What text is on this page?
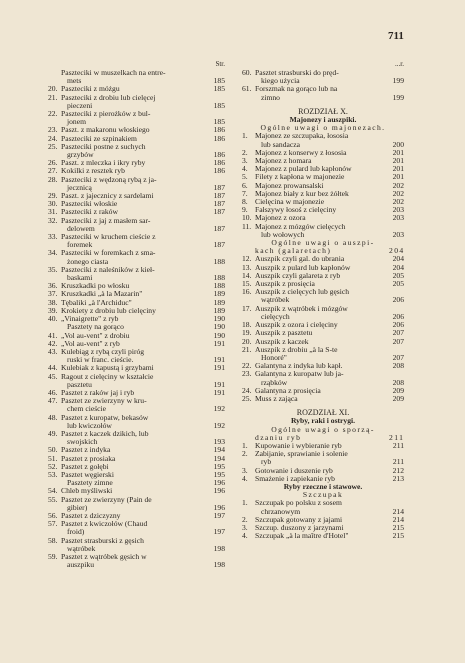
711
Str.
Paszteciki w muszelkach na entre-
mets	185
20. Paszteciki z móżgu	185
21. Paszteciki z drobiu lub cielęcej
pieczeni	185
22. Paszteciki z pierożków z bul-
jonem	185
23. Paszt. z makaronu włoskiego	186
24. Paszteciki ze szpinakiem	186
25. Paszteciki postne z suchych
grzybów	186
26. Paszt. z mleczka i ikry ryby	186
27. Kokilki z resztek ryb	186
28. Paszteciki z wędzoną rybą z ja-
jecznicą	187
29. Paszt. z jajecznicy z sardelami	187
30. Paszteciki włoskie	187
31. Paszteciki z raków	187
32. Paszteciki z jaj z masłem sar-
delowem	187
33. Paszteciki w kruchem cieście z
foremek	187
34. Paszteciki w foremkach z sma-
żonego ciasta	188
35. Paszteciki z naleśników z kieł-
baskami	188
36. Kruszkadki po włosku	188
37. Kruszkadki „à la Mazarin"	189
38. Tębaliki „à l'Archiduc"	189
39. Krokiety z drobiu lub cielęciny	189
40. „Vinaigrette" z ryb	190
Pasztety na gorąco	190
41. „Vol au-vent" z drobiu	190
42. „Vol au-vent" z ryb	191
43. Kulebiąg z rybą czyli piróg
ruski w franc. cieście.	191
44. Kulebiak z kapustą i grzybami	191
45. Ragout z cielęciny w kształcie
pasztetu	191
46. Pasztet z raków jaj i ryb	191
47. Pasztet ze zwierzyny w kru-
chem cieście	192
48. Pasztet z kuropatw, bekasów
lub kwiczołów	192
49. Pasztet z kaczek dzikich, lub
swojskich	193
50. Pasztet z indyka	194
51. Pasztet z prosiaka	194
52. Pasztet z gołębi	195
53. Pasztet węgierski	195
Pasztety zimne	196
54. Chleb myśliwski	196
55. Pasztet ze zwierzyny (Pain de
gibier)	196
56. Pasztet z dziczyzny	197
57. Pasztet z kwiczołów (Chaud
froid)	197
58. Pasztet strasburski z gęsich
wątróbek	198
59. Pasztet z wątróbek gęsich w
auszpiku	198
...r.
60. Pasztet strasburski do pręd-
kiego użycia	199
61. Forszmak na gorąco lub na
zimno	199
ROZDZIAŁ X.
Majonezy i auszpiki.
Ogólne uwagi o majonezach.
1. Majonez ze szczupaka, łososia
lub sandacza	200
2. Majonez z konserwy z łososia	201
3. Majonez z homara	201
4. Majonez z pulard lub kapłonów	201
5. Filety z kapłona w majonezie	201
6. Majonez prowansalski	202
7. Majonez biały z kur bez żółtek	202
8. Cielęcina w majonezie	202
9. Fałszywy łosoś z cielęciny	203
10. Majonez z ozora	203
11. Majonez z mózgów cielęcych
lub wołowych	203
Ogólne uwagi o auszpi-
kach (galaretach)	204
12. Auszpik czyli gal. do ubrania	204
13. Auszpik z pulard lub kapłonów	204
14. Auszpik czyli galareta z ryb	205
15. Auszpik z prosięcia	205
16. Auszpik z cielęcych lub gęsich
wątróbek	206
17. Auszpik z wątróbek i mózgów
cielęcych	206
18. Auszpik z ozora i cielęciny	206
19. Auszpik z pasztetu	207
20. Auszpik z kaczek	207
21. Auszpik z drobiu „à la S-te
Honoré"	207
22. Galantyna z indyka lub kapł.	208
23. Galantyna z kuropatw lub ja-
rząbków	208
24. Galantyna z prosięcia	209
25. Muss z zająca	209
ROZDZIAŁ XI.
Ryby, raki i ostrygi.
Ogólne uwagi o sporzą-
dzaniu ryb	211
1. Kupowanie i wybieranie ryb	211
2. Zabijanie, sprawianie i solenie
ryb	211
3. Gotowanie i duszenie ryb	212
4. Smażenie i zapiekanie ryb	213
Ryby rzeczne i stawowe.
Szczupak
1. Szczupak po polsku z sosem
chrzanowym	214
2. Szczupak gotowany z jajami	214
3. Szczup. duszony z jarzynami	215
4. Szczupak „à la maître d'Hotel"	215
